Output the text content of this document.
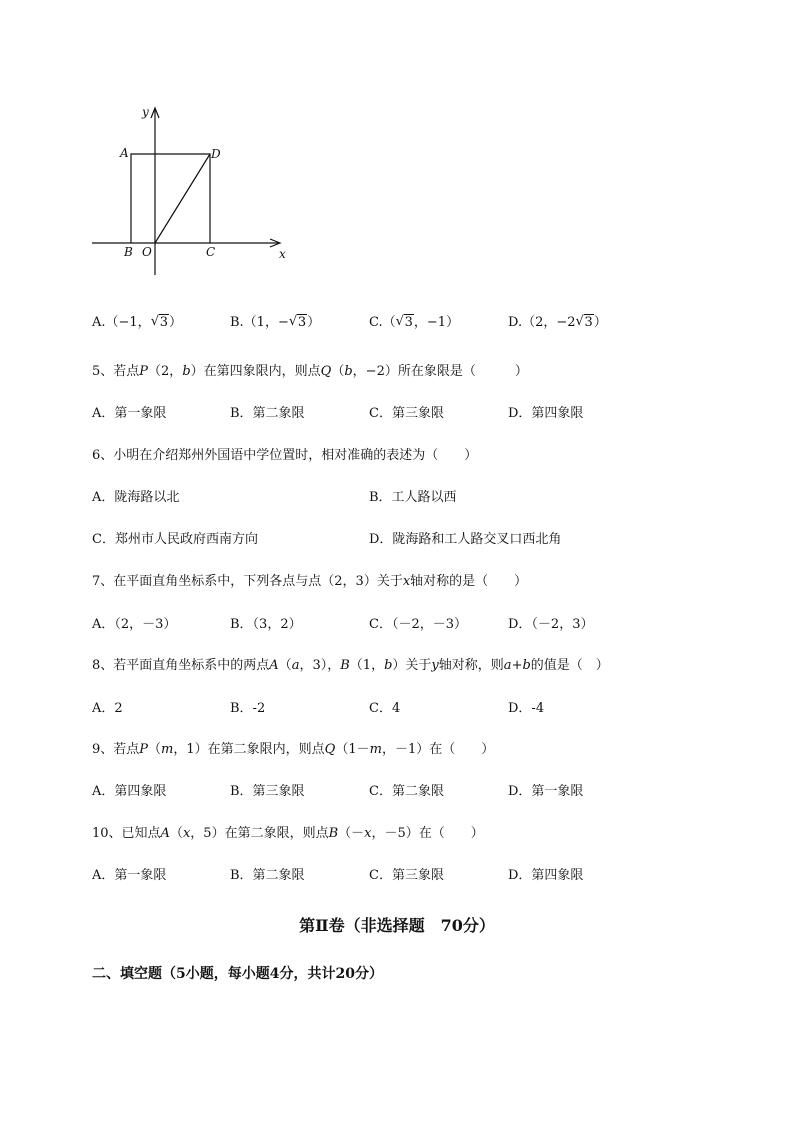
y
x
A	D
B O	C
A.（−1， √ 3）	B.（1，− √ 3）	C.（ √ 3，−1）	D.（2，−2 √ 3）
5、若点P（2，b）在第四象限内，则点Q（b，−2）所在象限是（　　　）
A．第一象限	B．第二象限	C．第三象限	D．第四象限
6、小明在介绍郑州外国语中学位置时，相对准确的表述为（　　）
A．陇海路以北	B．工人路以西
C．郑州市人民政府西南方向	D．陇海路和工人路交叉口西北角
7、在平面直角坐标系中，下列各点与点（2，3）关于x轴对称的是（　　）
A．（2，－3）	B．（3，2）	C．（－2，－3）	D．（－2，3）
8、若平面直角坐标系中的两点A（a，3），B（1，b）关于y轴对称，则a+b的值是（　）
A．2	B．-2	C．4	D．-4
9、若点P（m，1）在第二象限内，则点Q（1－m，－1）在（　　）
A．第四象限	B．第三象限	C．第二象限	D．第一象限
10、已知点A（x，5）在第二象限，则点B（－x，－5）在（　　）
A．第一象限	B．第二象限	C．第三象限	D．第四象限
第Ⅱ卷（非选择题　70分）
二、填空题（5小题，每小题4分，共计20分）
